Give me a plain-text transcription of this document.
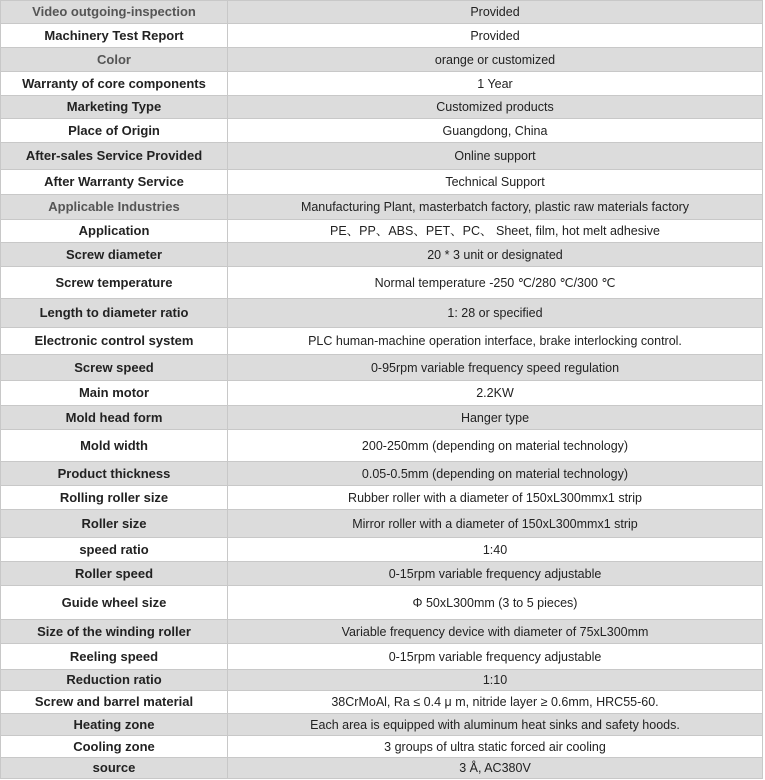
Video outgoing-inspection	Provided
Machinery Test Report	Provided
Color	orange or customized
Warranty of core components	1 Year
Marketing Type	Customized products
Place of Origin	Guangdong, China
After-sales Service Provided	Online support
After Warranty Service	Technical Support
Applicable Industries	Manufacturing Plant, masterbatch factory, plastic raw materials factory
Application	PE、PP、ABS、PET、PC、 Sheet, film, hot melt adhesive
Screw diameter	20 * 3 unit or designated
Screw temperature	Normal temperature -250 ℃/280 ℃/300 ℃
Length to diameter ratio	1: 28 or specified
Electronic control system	PLC human-machine operation interface, brake interlocking control.
Screw speed	0-95rpm variable frequency speed regulation
Main motor	2.2KW
Mold head form	Hanger type
Mold width	200-250mm (depending on material technology)
Product thickness	0.05-0.5mm (depending on material technology)
Rolling roller size	Rubber roller with a diameter of 150xL300mmx1 strip
Roller size	Mirror roller with a diameter of 150xL300mmx1 strip
speed ratio	1:40
Roller speed	0-15rpm variable frequency adjustable
Guide wheel size	Φ 50xL300mm (3 to 5 pieces)
Size of the winding roller	Variable frequency device with diameter of 75xL300mm
Reeling speed	0-15rpm variable frequency adjustable
Reduction ratio	1:10
Screw and barrel material	38CrMoAl, Ra ≤ 0.4 μ m, nitride layer ≥ 0.6mm, HRC55-60.
Heating zone	Each area is equipped with aluminum heat sinks and safety hoods.
Cooling zone	3 groups of ultra static forced air cooling
source	3 Å, AC380V
